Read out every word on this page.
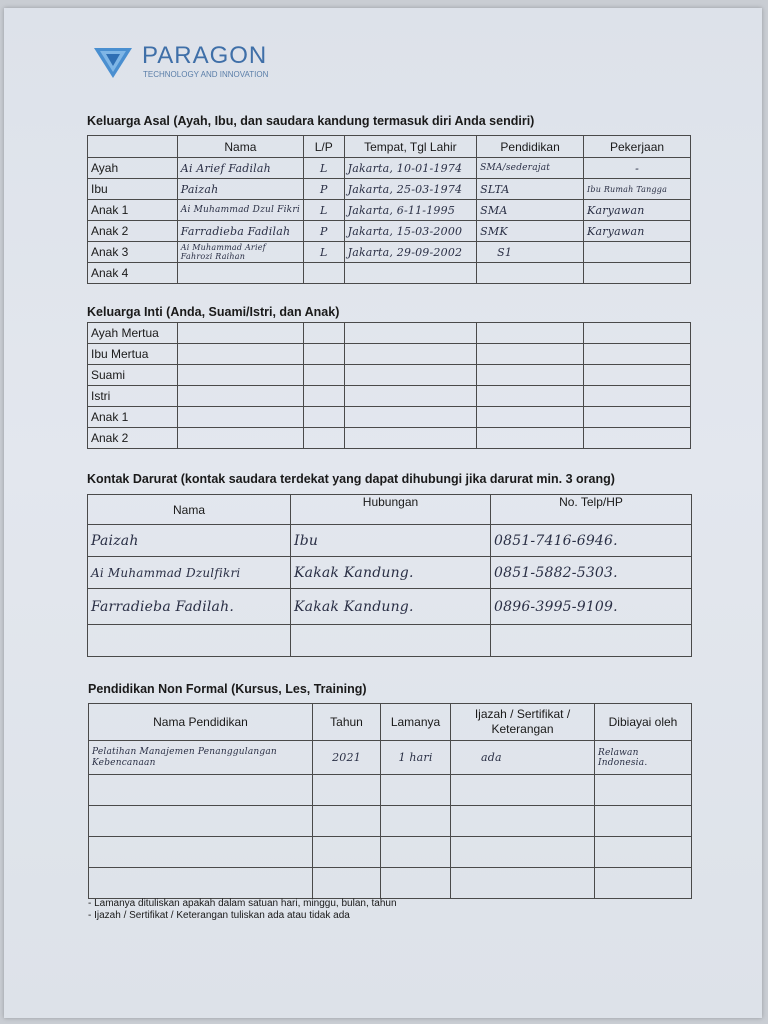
PARAGON
TECHNOLOGY AND INNOVATION
Keluarga Asal (Ayah, Ibu, dan saudara kandung termasuk diri Anda sendiri)
	Nama	L/P	Tempat, Tgl Lahir	Pendidikan	Pekerjaan
Ayah	Ai Arief Fadilah	L	Jakarta, 10-01-1974	SMA/sederajat	-
Ibu	Paizah	P	Jakarta, 25-03-1974	SLTA	Ibu Rumah Tangga
Anak 1	Ai Muhammad Dzul Fikri	L	Jakarta, 6-11-1995	SMA	Karyawan
Anak 2	Farradieba Fadilah	P	Jakarta, 15-03-2000	SMK	Karyawan
Anak 3	Ai Muhammad Arief Fahrozi Raihan	L	Jakarta, 29-09-2002	S1	
Anak 4					
Keluarga Inti (Anda, Suami/Istri, dan Anak)
Ayah Mertua					
Ibu Mertua					
Suami					
Istri					
Anak 1					
Anak 2					
Kontak Darurat (kontak saudara terdekat yang dapat dihubungi jika darurat min. 3 orang)
Nama	Hubungan	No. Telp/HP
Paizah	Ibu	0851-7416-6946.
Ai Muhammad Dzulfikri	Kakak Kandung.	0851-5882-5303.
Farradieba Fadilah.	Kakak Kandung.	0896-3995-9109.

Pendidikan Non Formal (Kursus, Les, Training)
Nama Pendidikan	Tahun	Lamanya	Ijazah / Sertifikat / Keterangan	Dibiayai oleh
Pelatihan Manajemen Penanggulangan Kebencanaan	2021	1 hari	ada	Relawan Indonesia.

- Lamanya dituliskan apakah dalam satuan hari, minggu, bulan, tahun
- Ijazah / Sertifikat / Keterangan tuliskan ada atau tidak ada
